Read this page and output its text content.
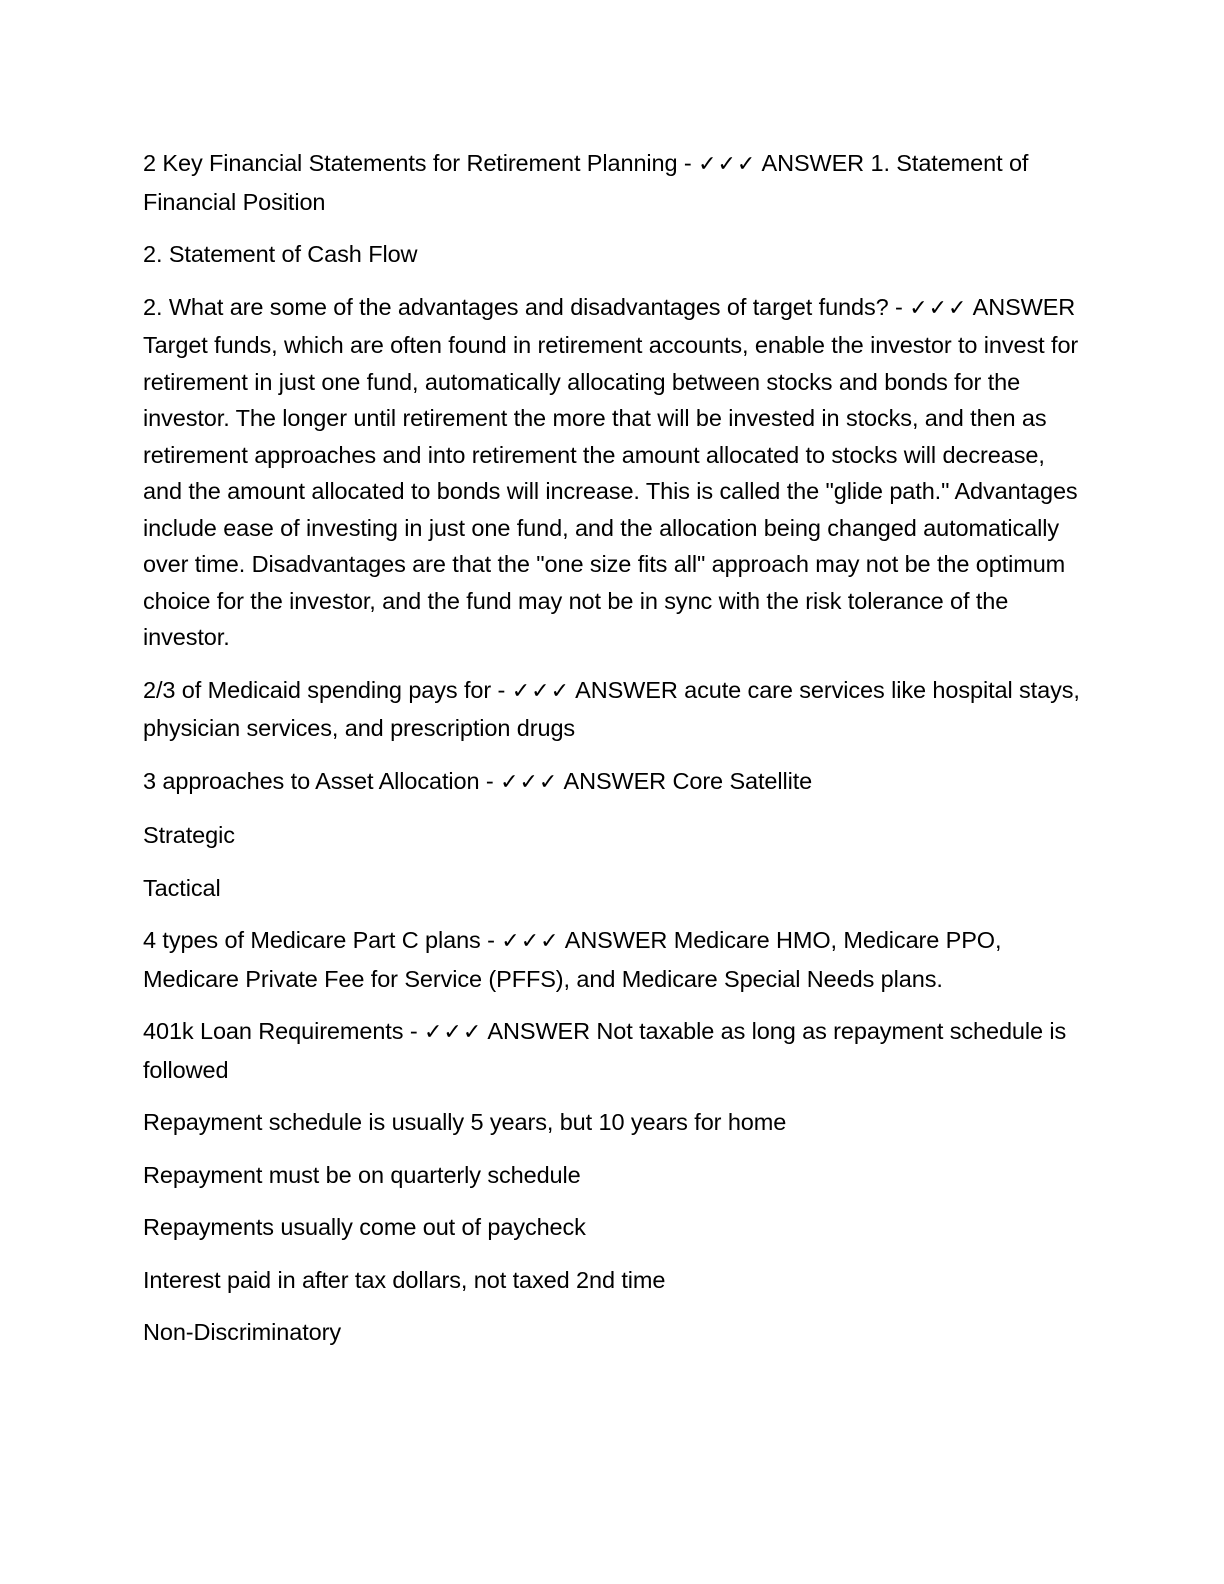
2 Key Financial Statements for Retirement Planning - ✓✓✓ ANSWER 1. Statement of Financial Position

2. Statement of Cash Flow

2. What are some of the advantages and disadvantages of target funds? - ✓✓✓ ANSWER Target funds, which are often found in retirement accounts, enable the investor to invest for retirement in just one fund, automatically allocating between stocks and bonds for the investor. The longer until retirement the more that will be invested in stocks, and then as retirement approaches and into retirement the amount allocated to stocks will decrease, and the amount allocated to bonds will increase. This is called the "glide path." Advantages include ease of investing in just one fund, and the allocation being changed automatically over time. Disadvantages are that the "one size fits all" approach may not be the optimum choice for the investor, and the fund may not be in sync with the risk tolerance of the investor.

2/3 of Medicaid spending pays for - ✓✓✓ ANSWER acute care services like hospital stays, physician services, and prescription drugs

3 approaches to Asset Allocation - ✓✓✓ ANSWER Core Satellite

Strategic

Tactical

4 types of Medicare Part C plans - ✓✓✓ ANSWER Medicare HMO, Medicare PPO, Medicare Private Fee for Service (PFFS), and Medicare Special Needs plans.

401k Loan Requirements - ✓✓✓ ANSWER Not taxable as long as repayment schedule is followed

Repayment schedule is usually 5 years, but 10 years for home

Repayment must be on quarterly schedule

Repayments usually come out of paycheck

Interest paid in after tax dollars, not taxed 2nd time

Non-Discriminatory
